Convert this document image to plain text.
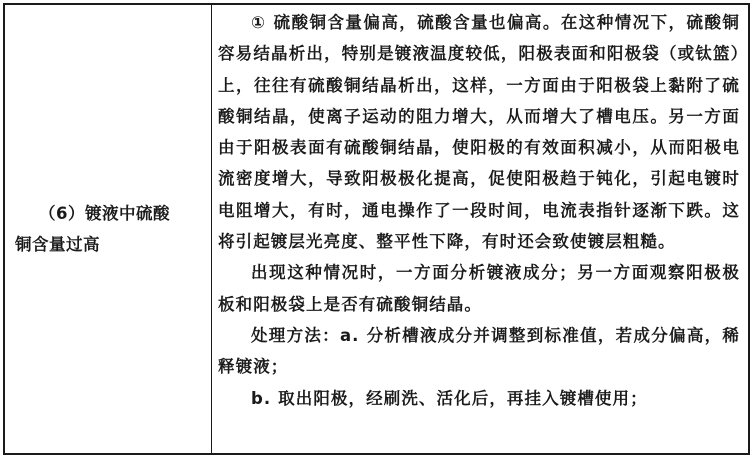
（6）镀液中硫酸
铜含量过高

① 硫酸铜含量偏高，硫酸含量也偏高。在这种情况下，硫酸铜容易结晶析出，特别是镀液温度较低，阳极表面和阳极袋（或钛篮）上，往往有硫酸铜结晶析出，这样，一方面由于阳极袋上黏附了硫酸铜结晶，使离子运动的阻力增大，从而增大了槽电压。另一方面由于阳极表面有硫酸铜结晶，使阳极的有效面积减小，从而阳极电流密度增大，导致阳极极化提高，促使阳极趋于钝化，引起电镀时电阻增大，有时，通电操作了一段时间，电流表指针逐渐下跌。这将引起镀层光亮度、整平性下降，有时还会致使镀层粗糙。

出现这种情况时，一方面分析镀液成分；另一方面观察阳极极板和阳极袋上是否有硫酸铜结晶。

处理方法：a. 分析槽液成分并调整到标准值，若成分偏高，稀释镀液；

b. 取出阳极，经刷洗、活化后，再挂入镀槽使用；
